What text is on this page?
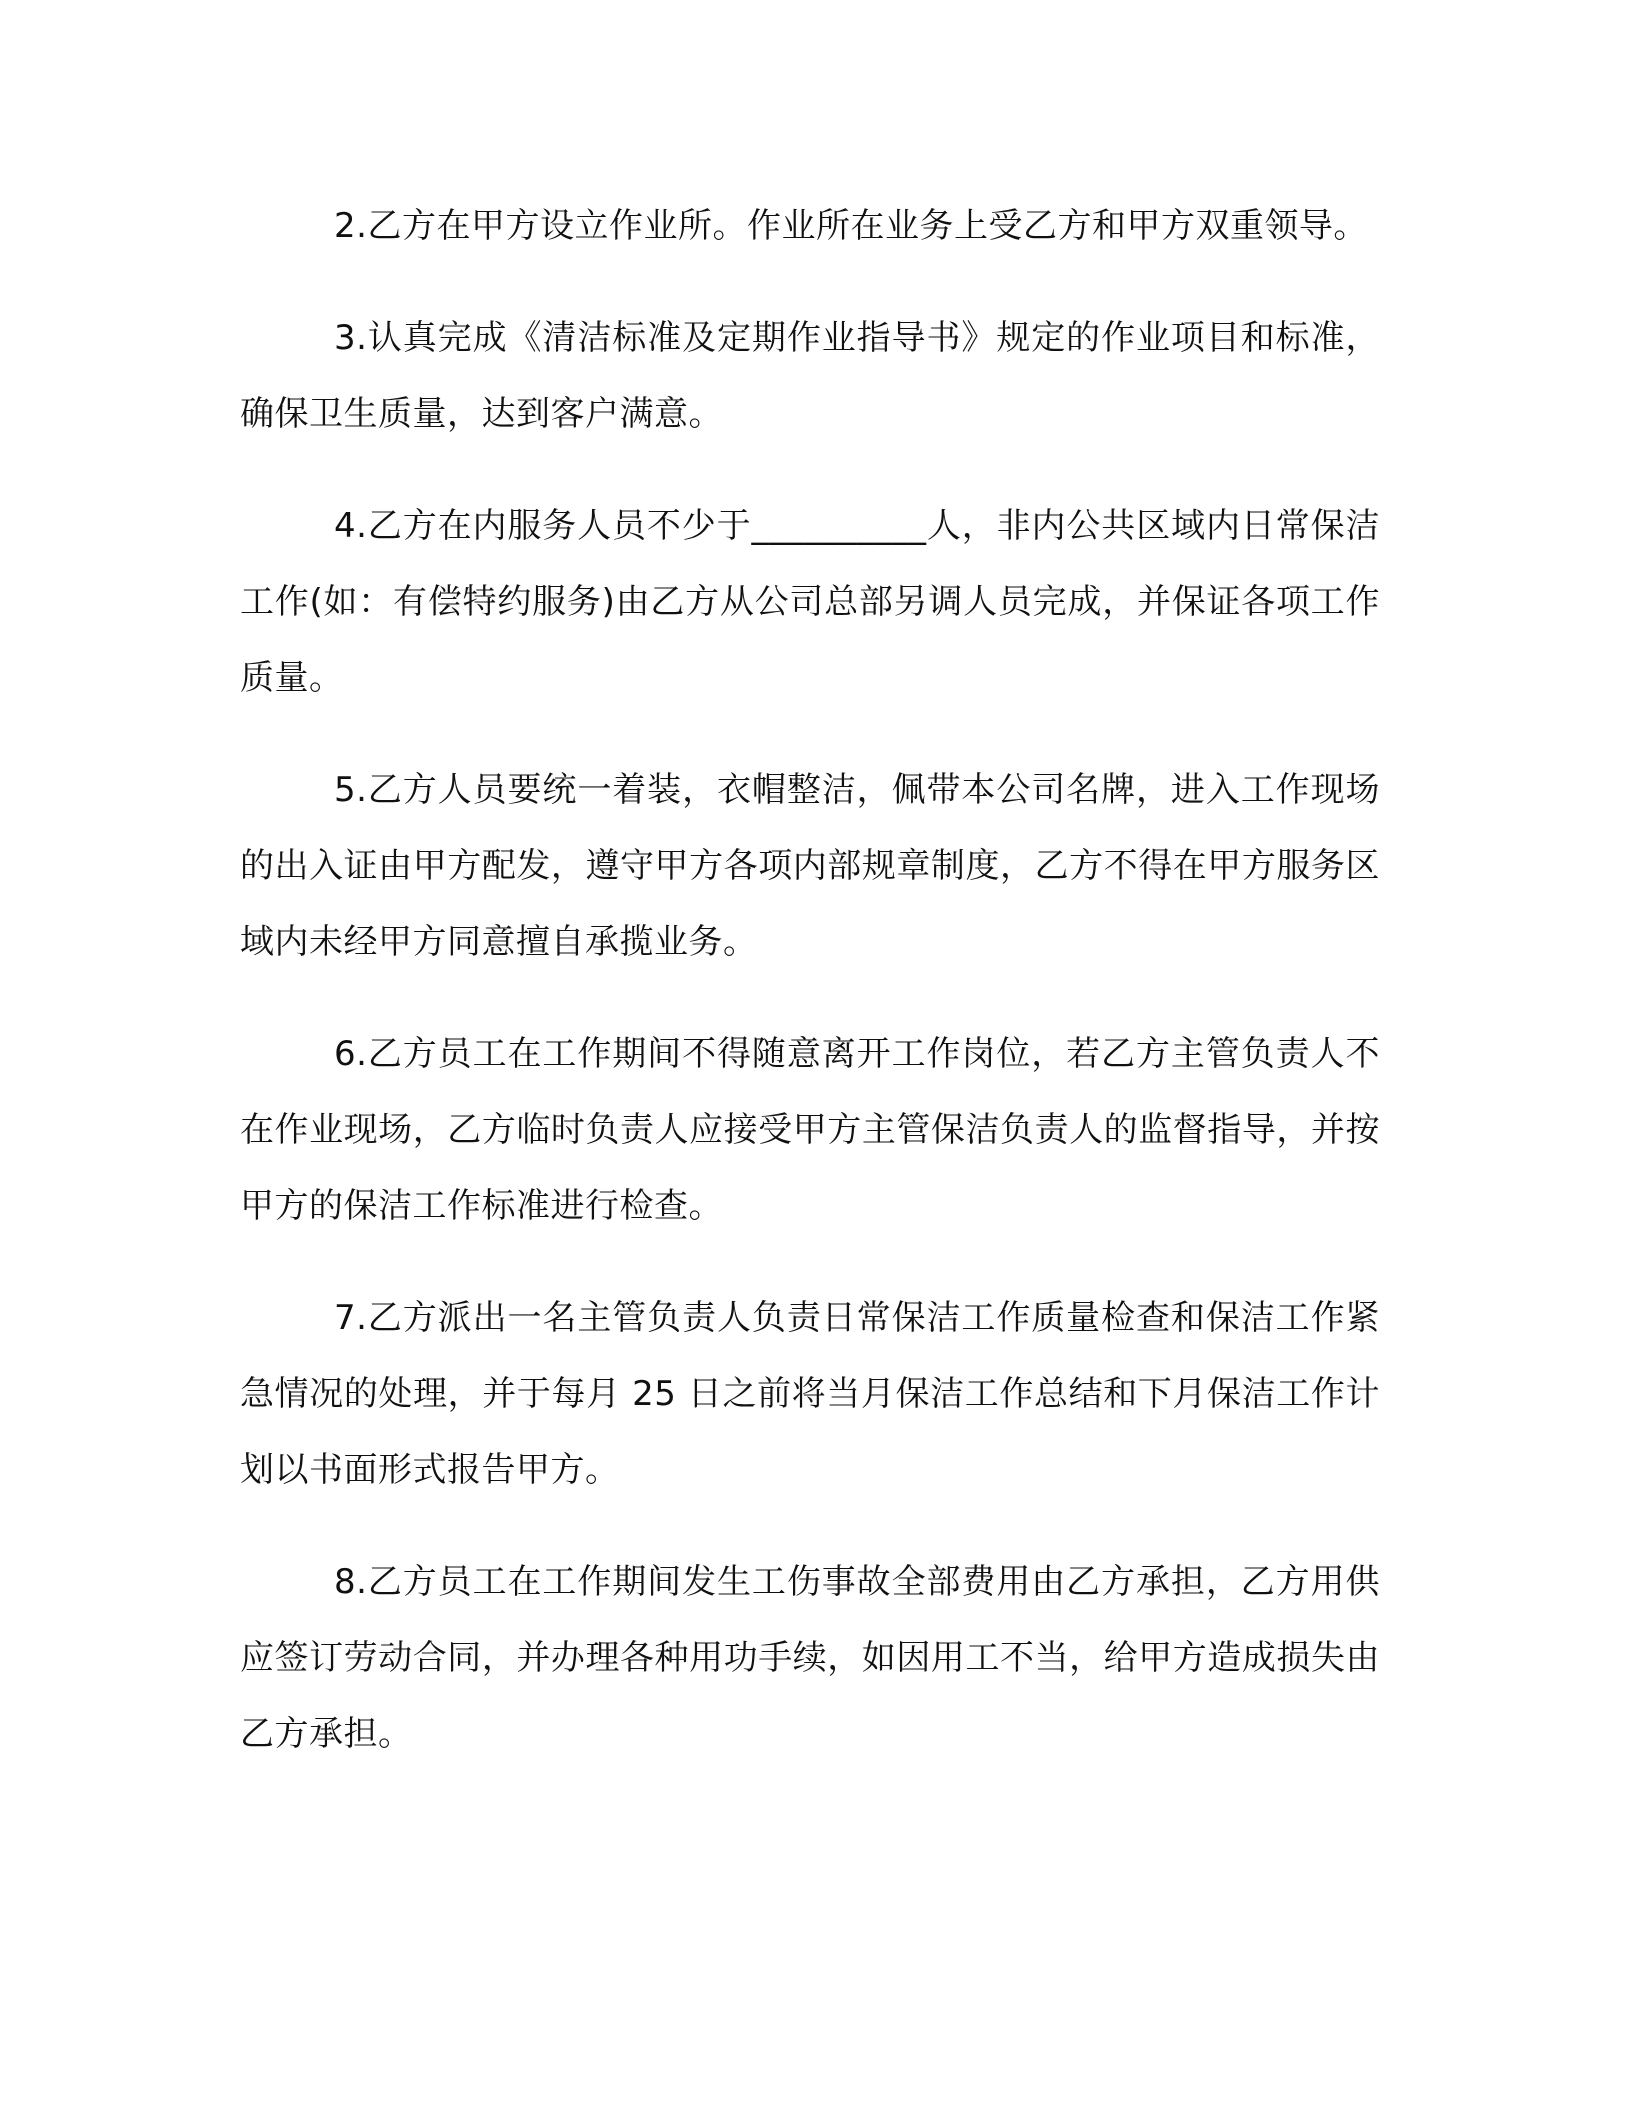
2.乙方在甲方设立作业所。作业所在业务上受乙方和甲方双重领导。

3.认真完成《清洁标准及定期作业指导书》规定的作业项目和标准，确保卫生质量，达到客户满意。

4.乙方在内服务人员不少于__________人，非内公共区域内日常保洁工作(如：有偿特约服务)由乙方从公司总部另调人员完成，并保证各项工作质量。

5.乙方人员要统一着装，衣帽整洁，佩带本公司名牌，进入工作现场的出入证由甲方配发，遵守甲方各项内部规章制度，乙方不得在甲方服务区域内未经甲方同意擅自承揽业务。

6.乙方员工在工作期间不得随意离开工作岗位，若乙方主管负责人不在作业现场，乙方临时负责人应接受甲方主管保洁负责人的监督指导，并按甲方的保洁工作标准进行检查。

7.乙方派出一名主管负责人负责日常保洁工作质量检查和保洁工作紧急情况的处理，并于每月 25 日之前将当月保洁工作总结和下月保洁工作计划以书面形式报告甲方。

8.乙方员工在工作期间发生工伤事故全部费用由乙方承担，乙方用供应签订劳动合同，并办理各种用功手续，如因用工不当，给甲方造成损失由乙方承担。
